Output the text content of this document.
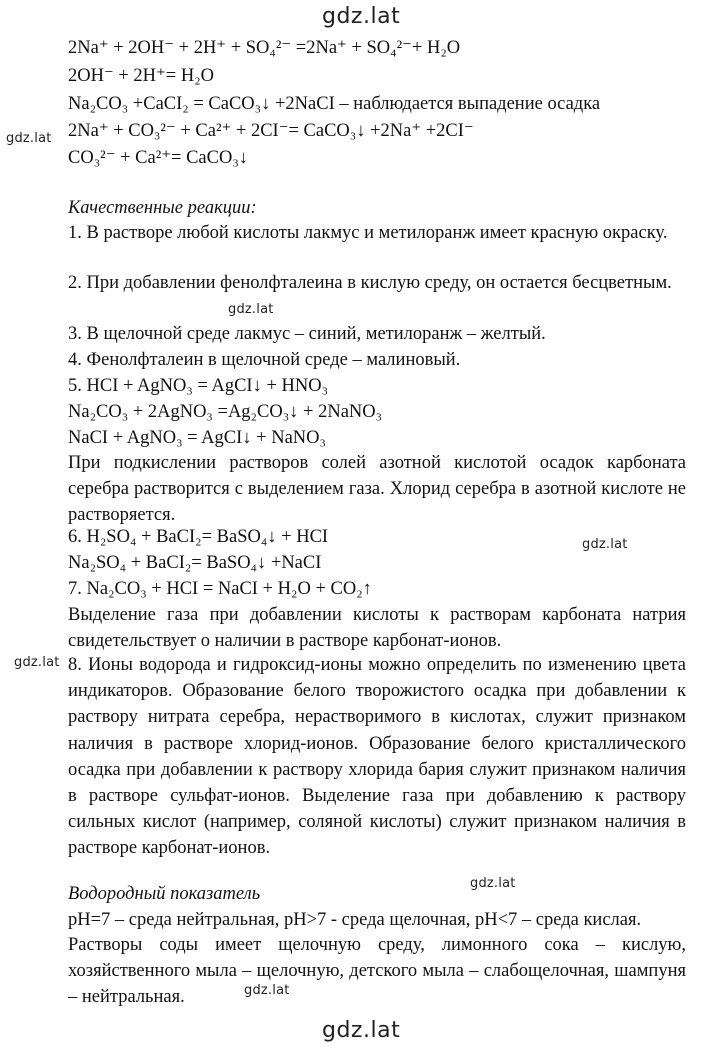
gdz.lat
gdz.lat
gdz.lat
gdz.lat
gdz.lat
gdz.lat
gdz.lat
gdz.lat
2Na⁺ + 2OH⁻ + 2H⁺ + SO₄²⁻ =2Na⁺ + SO₄²⁻+ H₂O
2OH⁻ + 2H⁺= H₂O
Na₂CO₃ +CaCI₂ = CaCO₃↓ +2NaCI – наблюдается выпадение осадка
2Na⁺ + CO₃²⁻ + Ca²⁺ + 2CI⁻= CaCO₃↓ +2Na⁺ +2CI⁻
CO₃²⁻ + Ca²⁺= CaCO₃↓
Качественные реакции:

1. В растворе любой кислоты лакмус и метилоранж имеет красную окраску.

2. При добавлении фенолфталеина в кислую среду, он остается бесцветным.

3. В щелочной среде лакмус – синий, метилоранж – желтый.
4. Фенолфталеин в щелочной среде – малиновый.
5. HCI + AgNO₃ = AgCI↓ + HNO₃
Na₂CO₃ + 2AgNO₃ =Ag₂CO₃↓ + 2NaNO₃
NaCI + AgNO₃ = AgCI↓ + NaNO₃

При подкислении растворов солей азотной кислотой осадок карбоната серебра растворится с выделением газа. Хлорид серебра в азотной кислоте не растворяется.

6. H₂SO₄ + BaCI₂= BaSO₄↓ + HCI
Na₂SO₄ + BaCI₂= BaSO₄↓ +NaCI
7. Na₂CO₃ + HCI = NaCI + H₂O + CO₂↑

Выделение газа при добавлении кислоты к растворам карбоната натрия свидетельствует о наличии в растворе карбонат-ионов.

8. Ионы водорода и гидроксид-ионы можно определить по изменению цвета индикаторов. Образование белого творожистого осадка при добавлении к раствору нитрата серебра, нерастворимого в кислотах, служит признаком наличия в растворе хлорид-ионов. Образование белого кристаллического осадка при добавлении к раствору хлорида бария служит признаком наличия в растворе сульфат-ионов. Выделение газа при добавлению к раствору сильных кислот (например, соляной кислоты) служит признаком наличия в растворе карбонат-ионов.

Водородный показатель
pH=7 – среда нейтральная, pH>7 - среда щелочная, pH<7 – среда кислая.

Растворы соды имеет щелочную среду, лимонного сока – кислую, хозяйственного мыла – щелочную, детского мыла – слабощелочная, шампуня – нейтральная.
